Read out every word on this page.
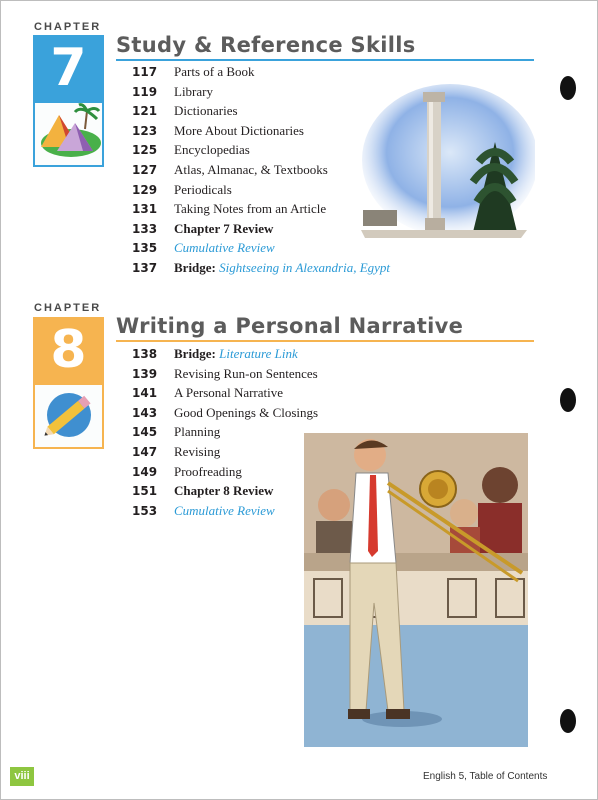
CHAPTER
7	Study & Reference Skills
117 Parts of a Book
119 Library
121 Dictionaries
123 More About Dictionaries
125 Encyclopedias
127 Atlas, Almanac, & Textbooks
129 Periodicals
131 Taking Notes from an Article
133 Chapter 7 Review
135 Cumulative Review
137 Bridge: Sightseeing in Alexandria, Egypt
CHAPTER
8	Writing a Personal Narrative
138 Bridge: Literature Link
139 Revising Run-on Sentences
141 A Personal Narrative
143 Good Openings & Closings
145 Planning
147 Revising
149 Proofreading
151 Chapter 8 Review
153 Cumulative Review
viii	English 5, Table of Contents
